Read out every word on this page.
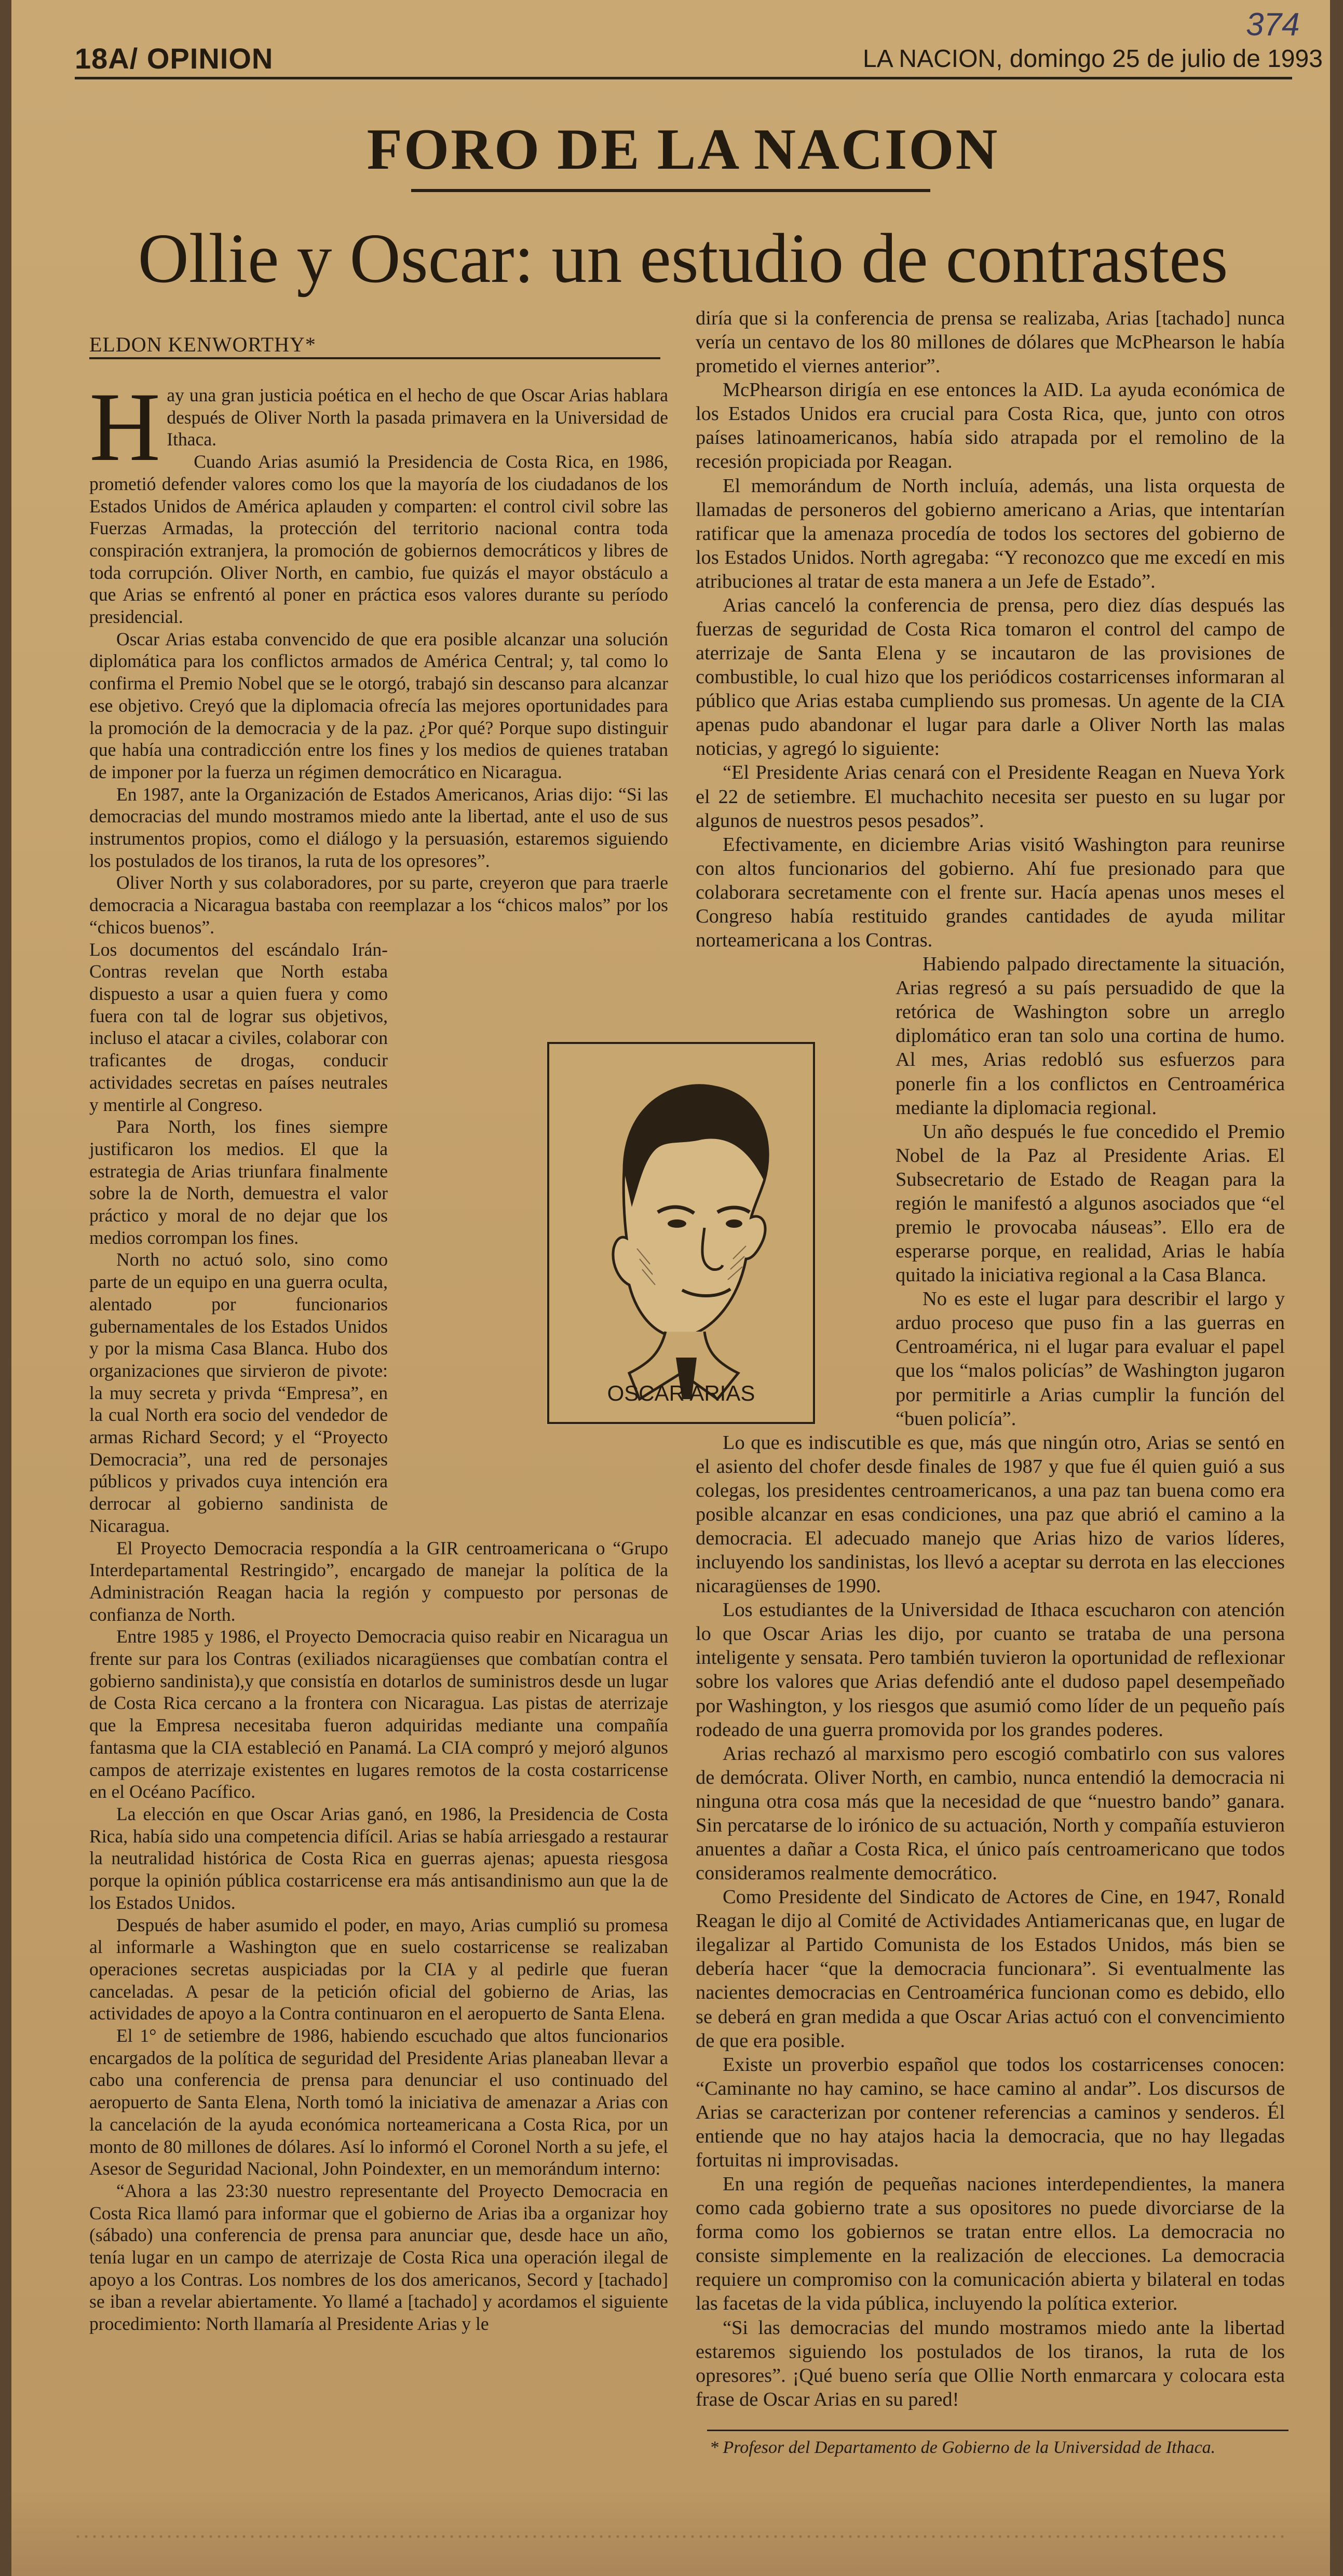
374
18A/ OPINION	LA NACION, domingo 25 de julio de 1993
FORO DE LA NACION
Ollie y Oscar: un estudio de contrastes
ELDON KENWORTHY*

Hay una gran justicia poética en el hecho de que Oscar Arias hablara después de Oliver North la pasada primavera en la Universidad de Ithaca.

Cuando Arias asumió la Presidencia de Costa Rica, en 1986, prometió defender valores como los que la mayoría de los ciudadanos de los Estados Unidos de América aplauden y comparten: el control civil sobre las Fuerzas Armadas, la protección del territorio nacional contra toda conspiración extranjera, la promoción de gobiernos democráticos y libres de toda corrupción. Oliver North, en cambio, fue quizás el mayor obstáculo a que Arias se enfrentó al poner en práctica esos valores durante su período presidencial.

Oscar Arias estaba convencido de que era posible alcanzar una solución diplomática para los conflictos armados de América Central; y, tal como lo confirma el Premio Nobel que se le otorgó, trabajó sin descanso para alcanzar ese objetivo. Creyó que la diplomacia ofrecía las mejores oportunidades para la promoción de la democracia y de la paz. ¿Por qué? Porque supo distinguir que había una contradicción entre los fines y los medios de quienes trataban de imponer por la fuerza un régimen democrático en Nicaragua.

En 1987, ante la Organización de Estados Americanos, Arias dijo: “Si las democracias del mundo mostramos miedo ante la libertad, ante el uso de sus instrumentos propios, como el diálogo y la persuasión, estaremos siguiendo los postulados de los tiranos, la ruta de los opresores”.

Oliver North y sus colaboradores, por su parte, creyeron que para traerle democracia a Nicaragua bastaba con reemplazar a los “chicos malos” por los “chicos buenos”.

Los documentos del escándalo Irán-Contras revelan que North estaba dispuesto a usar a quien fuera y como fuera con tal de lograr sus objetivos, incluso el atacar a civiles, colaborar con traficantes de drogas, conducir actividades secretas en países neutrales y mentirle al Congreso.

Para North, los fines siempre justificaron los medios. El que la estrategia de Arias triunfara finalmente sobre la de North, demuestra el valor práctico y moral de no dejar que los medios corrompan los fines.

North no actuó solo, sino como parte de un equipo en una guerra oculta, alentado por funcionarios gubernamentales de los Estados Unidos y por la misma Casa Blanca. Hubo dos organizaciones que sirvieron de pivote: la muy secreta y privda “Empresa”, en la cual North era socio del vendedor de armas Richard Secord; y el “Proyecto Democracia”, una red de personajes públicos y privados cuya intención era derrocar al gobierno sandinista de Nicaragua.

El Proyecto Democracia respondía a la GIR centroamericana o “Grupo Interdepartamental Restringido”, encargado de manejar la política de la Administración Reagan hacia la región y compuesto por personas de confianza de North.

Entre 1985 y 1986, el Proyecto Democracia quiso reabir en Nicaragua un frente sur para los Contras (exiliados nicaragüenses que combatían contra el gobierno sandinista),y que consistía en dotarlos de suministros desde un lugar de Costa Rica cercano a la frontera con Nicaragua. Las pistas de aterrizaje que la Empresa necesitaba fueron adquiridas mediante una compañía fantasma que la CIA estableció en Panamá. La CIA compró y mejoró algunos campos de aterrizaje existentes en lugares remotos de la costa costarricense en el Océano Pacífico.

La elección en que Oscar Arias ganó, en 1986, la Presidencia de Costa Rica, había sido una competencia difícil. Arias se había arriesgado a restaurar la neutralidad histórica de Costa Rica en guerras ajenas; apuesta riesgosa porque la opinión pública costarricense era más antisandinismo aun que la de los Estados Unidos.

Después de haber asumido el poder, en mayo, Arias cumplió su promesa al informarle a Washington que en suelo costarricense se realizaban operaciones secretas auspiciadas por la CIA y al pedirle que fueran canceladas. A pesar de la petición oficial del gobierno de Arias, las actividades de apoyo a la Contra continuaron en el aeropuerto de Santa Elena.

El 1° de setiembre de 1986, habiendo escuchado que altos funcionarios encargados de la política de seguridad del Presidente Arias planeaban llevar a cabo una conferencia de prensa para denunciar el uso continuado del aeropuerto de Santa Elena, North tomó la iniciativa de amenazar a Arias con la cancelación de la ayuda económica norteamericana a Costa Rica, por un monto de 80 millones de dólares. Así lo informó el Coronel North a su jefe, el Asesor de Seguridad Nacional, John Poindexter, en un memorándum interno:

“Ahora a las 23:30 nuestro representante del Proyecto Democracia en Costa Rica llamó para informar que el gobierno de Arias iba a organizar hoy (sábado) una conferencia de prensa para anunciar que, desde hace un año, tenía lugar en un campo de aterrizaje de Costa Rica una operación ilegal de apoyo a los Contras. Los nombres de los dos americanos, Secord y [tachado] se iban a revelar abiertamente. Yo llamé a [tachado] y acordamos el siguiente procedimiento: North llamaría al Presidente Arias y le

diría que si la conferencia de prensa se realizaba, Arias [tachado] nunca vería un centavo de los 80 millones de dólares que McPhearson le había prometido el viernes anterior”.

McPhearson dirigía en ese entonces la AID. La ayuda económica de los Estados Unidos era crucial para Costa Rica, que, junto con otros países latinoamericanos, había sido atrapada por el remolino de la recesión propiciada por Reagan.

El memorándum de North incluía, además, una lista orquesta de llamadas de personeros del gobierno americano a Arias, que intentarían ratificar que la amenaza procedía de todos los sectores del gobierno de los Estados Unidos. North agregaba: “Y reconozco que me excedí en mis atribuciones al tratar de esta manera a un Jefe de Estado”.

Arias canceló la conferencia de prensa, pero diez días después las fuerzas de seguridad de Costa Rica tomaron el control del campo de aterrizaje de Santa Elena y se incautaron de las provisiones de combustible, lo cual hizo que los periódicos costarricenses informaran al público que Arias estaba cumpliendo sus promesas. Un agente de la CIA apenas pudo abandonar el lugar para darle a Oliver North las malas noticias, y agregó lo siguiente:

“El Presidente Arias cenará con el Presidente Reagan en Nueva York el 22 de setiembre. El muchachito necesita ser puesto en su lugar por algunos de nuestros pesos pesados”.

Efectivamente, en diciembre Arias visitó Washington para reunirse con altos funcionarios del gobierno. Ahí fue presionado para que colaborara secretamente con el frente sur. Hacía apenas unos meses el Congreso había restituido grandes cantidades de ayuda militar norteamericana a los Contras.

Habiendo palpado directamente la situación, Arias regresó a su país persuadido de que la retórica de Washington sobre un arreglo diplomático eran tan solo una cortina de humo. Al mes, Arias redobló sus esfuerzos para ponerle fin a los conflictos en Centroamérica mediante la diplomacia regional.

Un año después le fue concedido el Premio Nobel de la Paz al Presidente Arias. El Subsecretario de Estado de Reagan para la región le manifestó a algunos asociados que “el premio le provocaba náuseas”. Ello era de esperarse porque, en realidad, Arias le había quitado la iniciativa regional a la Casa Blanca.

No es este el lugar para describir el largo y arduo proceso que puso fin a las guerras en Centroamérica, ni el lugar para evaluar el papel que los “malos policías” de Washington jugaron por permitirle a Arias cumplir la función del “buen policía”.

Lo que es indiscutible es que, más que ningún otro, Arias se sentó en el asiento del chofer desde finales de 1987 y que fue él quien guió a sus colegas, los presidentes centroamericanos, a una paz tan buena como era posible alcanzar en esas condiciones, una paz que abrió el camino a la democracia. El adecuado manejo que Arias hizo de varios líderes, incluyendo los sandinistas, los llevó a aceptar su derrota en las elecciones nicaragüenses de 1990.

Los estudiantes de la Universidad de Ithaca escucharon con atención lo que Oscar Arias les dijo, por cuanto se trataba de una persona inteligente y sensata. Pero también tuvieron la oportunidad de reflexionar sobre los valores que Arias defendió ante el dudoso papel desempeñado por Washington, y los riesgos que asumió como líder de un pequeño país rodeado de una guerra promovida por los grandes poderes.

Arias rechazó al marxismo pero escogió combatirlo con sus valores de demócrata. Oliver North, en cambio, nunca entendió la democracia ni ninguna otra cosa más que la necesidad de que “nuestro bando” ganara. Sin percatarse de lo irónico de su actuación, North y compañía estuvieron anuentes a dañar a Costa Rica, el único país centroamericano que todos consideramos realmente democrático.

Como Presidente del Sindicato de Actores de Cine, en 1947, Ronald Reagan le dijo al Comité de Actividades Antiamericanas que, en lugar de ilegalizar al Partido Comunista de los Estados Unidos, más bien se debería hacer “que la democracia funcionara”. Si eventualmente las nacientes democracias en Centroamérica funcionan como es debido, ello se deberá en gran medida a que Oscar Arias actuó con el convencimiento de que era posible.

Existe un proverbio español que todos los costarricenses conocen: “Caminante no hay camino, se hace camino al andar”. Los discursos de Arias se caracterizan por contener referencias a caminos y senderos. Él entiende que no hay atajos hacia la democracia, que no hay llegadas fortuitas ni improvisadas.

En una región de pequeñas naciones interdependientes, la manera como cada gobierno trate a sus opositores no puede divorciarse de la forma como los gobiernos se tratan entre ellos. La democracia no consiste simplemente en la realización de elecciones. La democracia requiere un compromiso con la comunicación abierta y bilateral en todas las facetas de la vida pública, incluyendo la política exterior.

“Si las democracias del mundo mostramos miedo ante la libertad estaremos siguiendo los postulados de los tiranos, la ruta de los opresores”. ¡Qué bueno sería que Ollie North enmarcara y colocara esta frase de Oscar Arias en su pared!

OSCAR ARIAS
* Profesor del Departamento de Gobierno de la Universidad de Ithaca.
